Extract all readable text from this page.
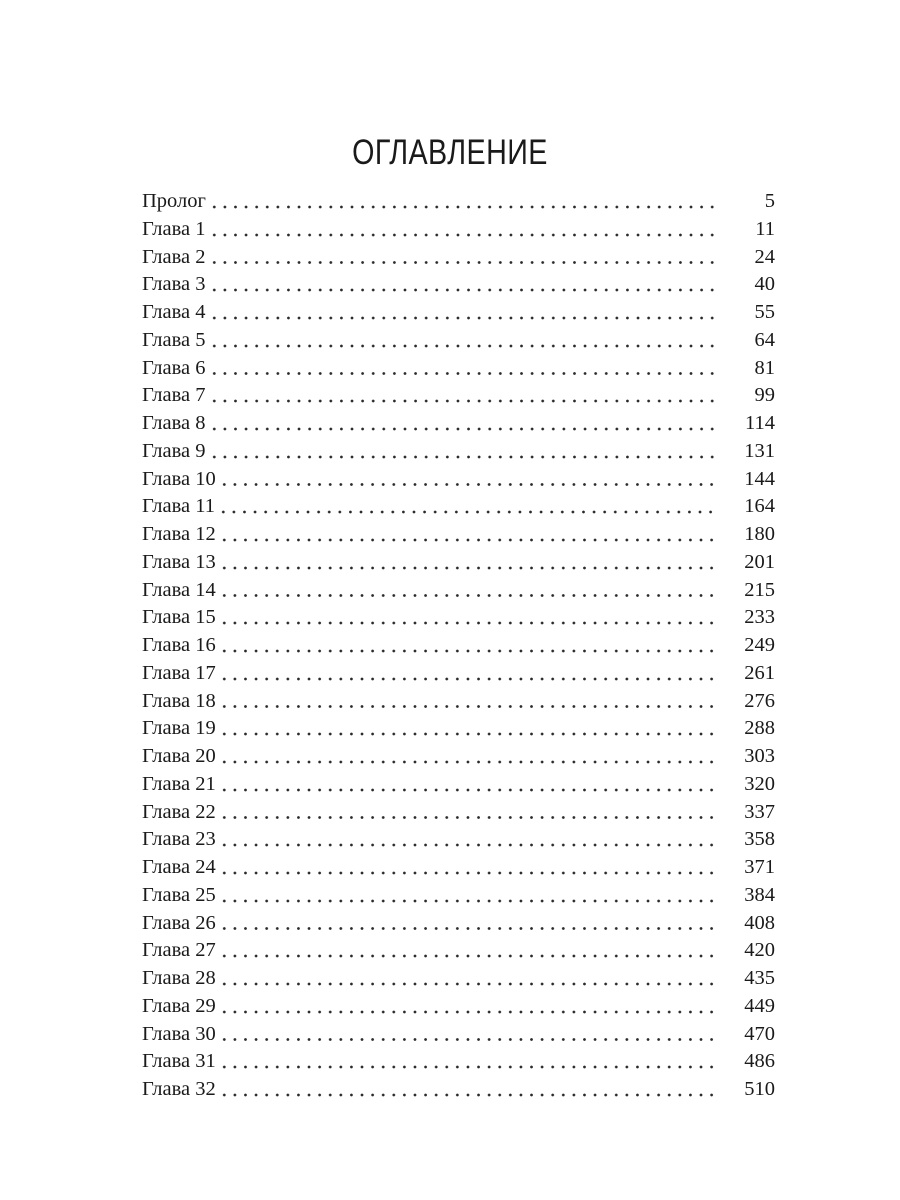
ОГЛАВЛЕНИЕ
Пролог	5
Глава 1	11
Глава 2	24
Глава 3	40
Глава 4	55
Глава 5	64
Глава 6	81
Глава 7	99
Глава 8	114
Глава 9	131
Глава 10	144
Глава 11	164
Глава 12	180
Глава 13	201
Глава 14	215
Глава 15	233
Глава 16	249
Глава 17	261
Глава 18	276
Глава 19	288
Глава 20	303
Глава 21	320
Глава 22	337
Глава 23	358
Глава 24	371
Глава 25	384
Глава 26	408
Глава 27	420
Глава 28	435
Глава 29	449
Глава 30	470
Глава 31	486
Глава 32	510
